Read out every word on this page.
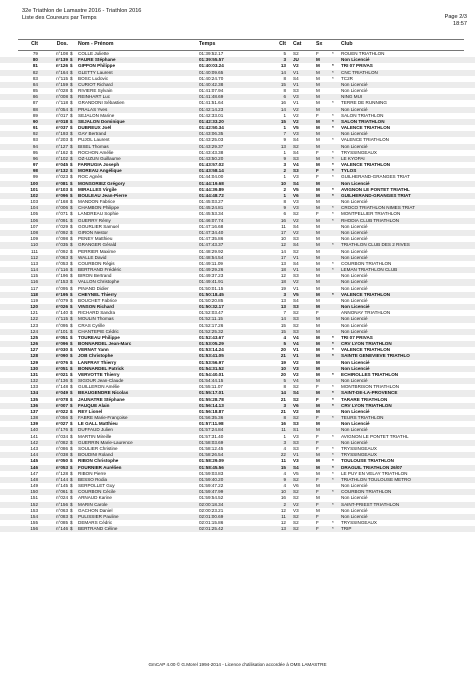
32e Triathlon de Lamastre 2016 - Triathlon 2016
Liste des Coureurs par Temps	Page 2/3
18:57
Clt	Dos. Nom - Prénom	Temps	Clt Cat	Sx	Club
79	n°108 $	COLLE Juliette	01:39:52.17	5 S2	F	*	ROUEN TRIATHLON
80	n°139 $	FAURE Stéphane	01:39:55.57	3 JU	M	Non Licencié
81	n°126 $	GIPPON Philippe	01:40:03.24	13 V2	M	*	TRI 07 PRIVAS
82	n°164 $	GLETTY Laurent	01:40:09.65	14 V1	M	*	CNC TRIATHLON
83	n°115 $	BOSC Ludovic	01:40:24.70	8 S4	M	*	TC2R
84	n°159 $	CURIOT Richard	01:40:42.38	15 V1	M	Non Licencié
85	n°028 $	RIVIERE Sylvain	01:41:07.94	8 S3	M	Non Licencié
86	n°008 $	REINHART Luc	01:41:48.69	6 V3	M	NING MUI
87	n°118 $	GRANDONI Sébastien	01:41:51.64	16 V1	M	*	TERRE DE RUNNING
88	n°054 $	PRALAS Yves	01:42:14.23	14 V2	M	Non Licencié
89	n°017 $	SEJALON Marine	01:42:33.01	1 V2	F	*	SALON TRIATHLON
90	n°018 $	SEJALON Dominique	01:42:33.20	15 V2	M	*	SALON TRIATHLON
91	n°037 $	DUBREUX Joël	01:42:50.34	1 V5	M	*	VALENCE TRIATHLON
92	n°193 $	GAY Bertrand	01:43:06.35	7 V3	M	Non Licencié
93	n°203 $	PUJOL Laurent	01:43:25.03	9 S4	M	*	VALENCE TRIATHLON
94	n°127 $	BISEL Thomas	01:43:29.37	13 S2	M	Non Licencié
95	n°162 $	ROCHON Amélie	01:43:43.38	1 S4	F	*	TRYSSINGEAUX
96	n°102 $	OZ-UZUN Guillaume	01:43:50.20	9 S3	M	*	LE KYOPAI
97	n°045 $	FARRUGIA Joseph	01:43:57.02	3 V4	M	*	VALENCE TRIATHLON
98	n°132 $	MOREAU Angélique	01:43:58.14	2 S3	F	*	TYLOS
99	n°023 $	ROC Agnès	01:44:04.00	1 V3	F	*	GUILHERAND-GRANGES TRIAT
100	n°081 $	MONSORIEZ Grégory	01:44:19.68	10 S4	M	Non Licencié
101	n°103 $	MIRALLES Virgile	01:44:39.89	2 V5	M	*	AVIGNON LE PONTET TRIATHL
102	n°096 $	BOULEAU Jean-Pierre	01:44:48.72	1 V6	M	*	GUILHERAND-GRANGES TRIAT
103	n°168 $	MANDON Fabrice	01:45:03.27	8 V3	M	Non Licencié
104	n°006 $	CHAMBON Philippe	01:45:24.81	9 V3	M	*	CROCO TRIATHLON NIMES TRIAT
105	n°071 $	LANDREAU Sophie	01:45:53.34	6 S2	F	*	MONTPELLIER TRIATHLON
106	n°091 $	GUERRY Rémy	01:46:07.74	16 V2	M	*	RHODIA CLUB TRIATHLON
107	n°029 $	GOURLIER Samuel	01:47:16.68	11 S4	M	Non Licencié
108	n°092 $	GIRON Nestor	01:47:34.40	17 V2	M	Non Licencié
109	n°098 $	PENEY Matthieu	01:47:35.86	10 S3	M	Non Licencié
110	n°035 $	GRANGER Gérald	01:47:43.37	12 S4	M	*	TRIATHLON CLUB DES 2 RIVES
111	n°092 $	PERRIER Maxime	01:48:29.92	14 S2	M	Non Licencié
112	n°063 $	WALLE David	01:48:54.54	17 V1	M	Non Licencié
113	n°053 $	COURBON Régis	01:49:11.09	13 S4	M	*	COURBON TRIATHLON
114	n°116 $	BERTRAND Frédéric	01:49:29.26	18 V1	M	*	LEMAN TRIATHLON CLUB
115	n°196 $	BIRON Bertrand	01:49:37.23	12 S3	M	Non Licencié
116	n°153 $	VALLON Christophe	01:49:41.91	18 V2	M	Non Licencié
117	n°095 $	PINAND Didier	01:50:01.15	19 V1	M	Non Licencié
118	n°195 $	CHEYNEL Thierry	01:50:18.45	3 V5	M	*	VALENCE TRIATHLON
119	n°079 $	BOUCHET Fabrice	01:50:20.85	13 S4	M	Non Licencié
120	n°026 $	VINSON Richard	01:50:32.17	13 S3	M	Non Licencié
121	n°140 $	RICHARD Sandra	01:52:03.47	7 S2	F	ANNONAY TRIATHLON
122	n°115 $	MOULIN Thomas	01:52:11.15	14 S3	M	Non Licencié
123	n°095 $	CRAS Cyrille	01:52:17.26	15 S2	M	Non Licencié
124	n°101 $	CHANTEPIE Cédric	01:52:25.32	15 S3	M	Non Licencié
125	n°051 $	TOUREAU Philippe	01:52:43.67	4 V4	M	*	TRI 07 PRIVAS
126	n°096 $	BONNARDEL Jean-Marc	01:53:05.29	5 V4	M	*	CRV LYON TRIATHLON
127	n°030 $	VERNAT Yann	01:53:14.24	20 V1	M	*	VALENCE TRIATHLON
128	n°090 $	JOB Christophe	01:53:41.05	21 V1	M	*	SAINTE GENEVIEVE TRIATHLO
129	n°076 $	LANFRAY Thierry	01:53:56.97	19 V2	M	Non Licencié
130	n°051 $	BONNARDEL Patrick	01:54:31.52	10 V3	M	Non Licencié
131	n°021 $	VERVOTTE Thierry	01:54:40.01	20 V2	M	*	ECHIROLLES TRIATHLON
132	n°136 $	SIGOUR Jean-Claude	01:54:44.15	5 V4	M	Non Licencié
133	n°148 $	GUILLERON Amélie	01:55:11.07	8 S2	F	*	MONTBRISON TRIATHLON
134	n°049 $	BEAUGENDRE Nicolas	01:55:17.01	14 S4	M	*	SAINT-DE-LA-PROVENCE
135	n°078 $	JAUNATRE Stéphane	01:55:28.78	21 S2	F	*	TARARE TRIATHLON
136	n°007 $	FAUQUE Alain	01:56:14.13	3 V6	M	*	CRV LYON TRIATHLON
137	n°022 $	REY Lionel	01:56:18.87	21 V2	M	Non Licencié
138	n°056 $	FABRE Marie-Françoise	01:56:35.36	8 S2	F	*	TEURS TRIATHLON
139	n°027 $	LE GALL Matthieu	01:57:11.98	16 S3	M	Non Licencié
140	n°176 $	DUFFAUD Julien	01:57:24.84	11 S1	M	Non Licencié
141	n°034 $	MARTIN Mireille	01:57:31.40	1 V3	F	*	AVIGNON LE PONTET TRIATHL
142	n°082 $	GUERRIN Marie-Laurence	01:58:03.69	3 S3	F	Non Licencié
143	n°086 $	SOULIER Christine	01:58:12.45	4 S3	F	*	TRYSSINGEAUX
144	n°038 $	BOUDINI Roland	01:58:26.54	22 V1	M	*	TRYSSINGEAUX
145	n°050 $	RIBON Christophe	01:58:29.09	11 V3	M	*	TOULOUSE TRIATHLON
146	n°053 $	FOURNIER Aurélien	01:58:45.56	15 S4	M	*	DRAGUIL TRIATHLON 26/07
147	n°128 $	RIBON Pierre	01:59:03.83	4 V5	M	*	LE PUY EN VELAY TRIATHLON
148	n°144 $	BESSO Rodia	01:59:40.20	9 S2	F	*	TRIATHLON TOULOUSE METRO
149	n°145 $	SERPOLLET Guy	01:59:47.22	4 V6	M	Non Licencié
150	n°061 $	COURBON Cécile	01:59:47.99	10 S2	F	*	COURBON TRIATHLON
151	n°024 $	ARNAUD Karine	01:59:54.52	16 S2	M	Non Licencié
152	n°156 $	MARIN Carole	02:00:18.34	2 V2	F	*	SAINT-PRIEST TRIATHLON
153	n°063 $	GACHON Daniel	02:00:23.21	12 V3	M	Non Licencié
154	n°083 $	PULISSIER Pauline	02:01:00.69	11 S2	F	Non Licencié
155	n°085 $	DEMARS Cédric	02:01:15.86	12 S2	F	*	TRYSSINGEAUX
156	n°146 $	BERTRAND Céline	02:01:25.42	13 S2	F	*	TRIP
GmCAP 4.00 © G.Morel 1994-2014 - Licence d'utilisation accordée à OMS LAMASTRE
